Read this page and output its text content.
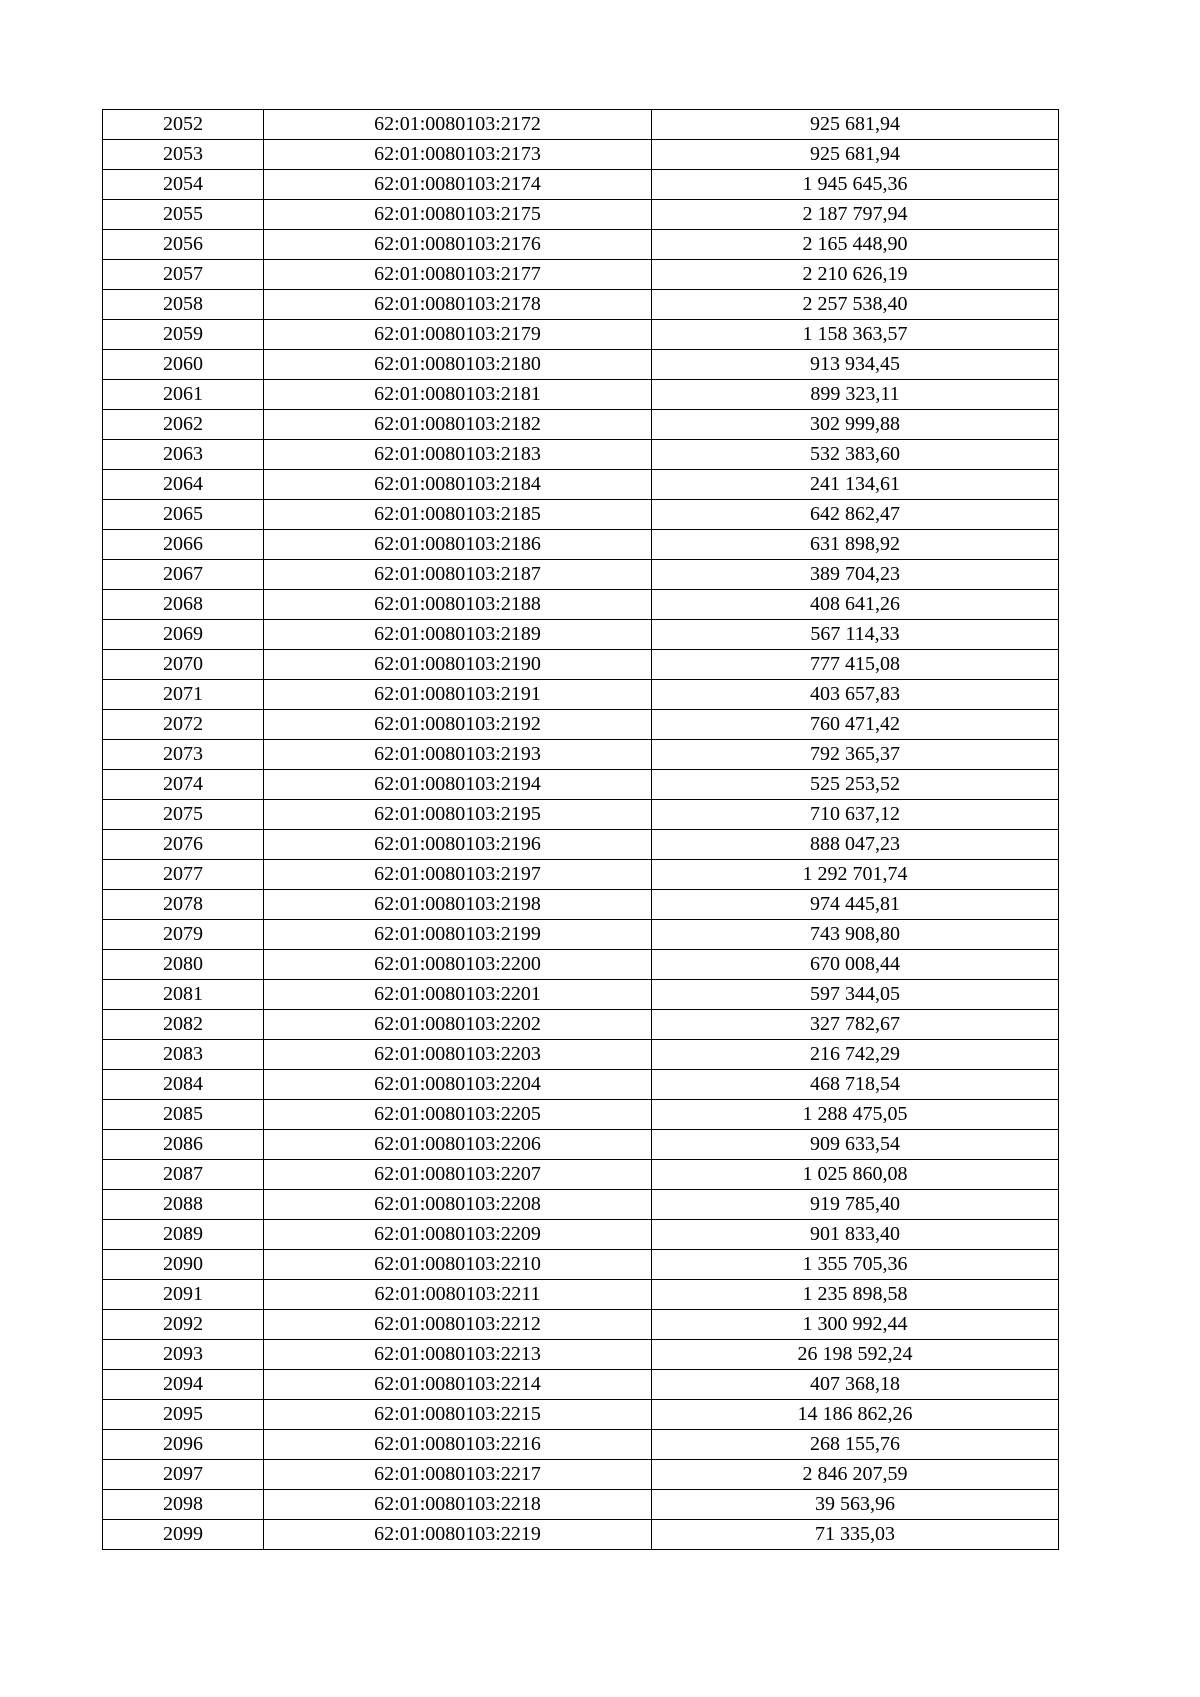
2052	62:01:0080103:2172	925 681,94
2053	62:01:0080103:2173	925 681,94
2054	62:01:0080103:2174	1 945 645,36
2055	62:01:0080103:2175	2 187 797,94
2056	62:01:0080103:2176	2 165 448,90
2057	62:01:0080103:2177	2 210 626,19
2058	62:01:0080103:2178	2 257 538,40
2059	62:01:0080103:2179	1 158 363,57
2060	62:01:0080103:2180	913 934,45
2061	62:01:0080103:2181	899 323,11
2062	62:01:0080103:2182	302 999,88
2063	62:01:0080103:2183	532 383,60
2064	62:01:0080103:2184	241 134,61
2065	62:01:0080103:2185	642 862,47
2066	62:01:0080103:2186	631 898,92
2067	62:01:0080103:2187	389 704,23
2068	62:01:0080103:2188	408 641,26
2069	62:01:0080103:2189	567 114,33
2070	62:01:0080103:2190	777 415,08
2071	62:01:0080103:2191	403 657,83
2072	62:01:0080103:2192	760 471,42
2073	62:01:0080103:2193	792 365,37
2074	62:01:0080103:2194	525 253,52
2075	62:01:0080103:2195	710 637,12
2076	62:01:0080103:2196	888 047,23
2077	62:01:0080103:2197	1 292 701,74
2078	62:01:0080103:2198	974 445,81
2079	62:01:0080103:2199	743 908,80
2080	62:01:0080103:2200	670 008,44
2081	62:01:0080103:2201	597 344,05
2082	62:01:0080103:2202	327 782,67
2083	62:01:0080103:2203	216 742,29
2084	62:01:0080103:2204	468 718,54
2085	62:01:0080103:2205	1 288 475,05
2086	62:01:0080103:2206	909 633,54
2087	62:01:0080103:2207	1 025 860,08
2088	62:01:0080103:2208	919 785,40
2089	62:01:0080103:2209	901 833,40
2090	62:01:0080103:2210	1 355 705,36
2091	62:01:0080103:2211	1 235 898,58
2092	62:01:0080103:2212	1 300 992,44
2093	62:01:0080103:2213	26 198 592,24
2094	62:01:0080103:2214	407 368,18
2095	62:01:0080103:2215	14 186 862,26
2096	62:01:0080103:2216	268 155,76
2097	62:01:0080103:2217	2 846 207,59
2098	62:01:0080103:2218	39 563,96
2099	62:01:0080103:2219	71 335,03
